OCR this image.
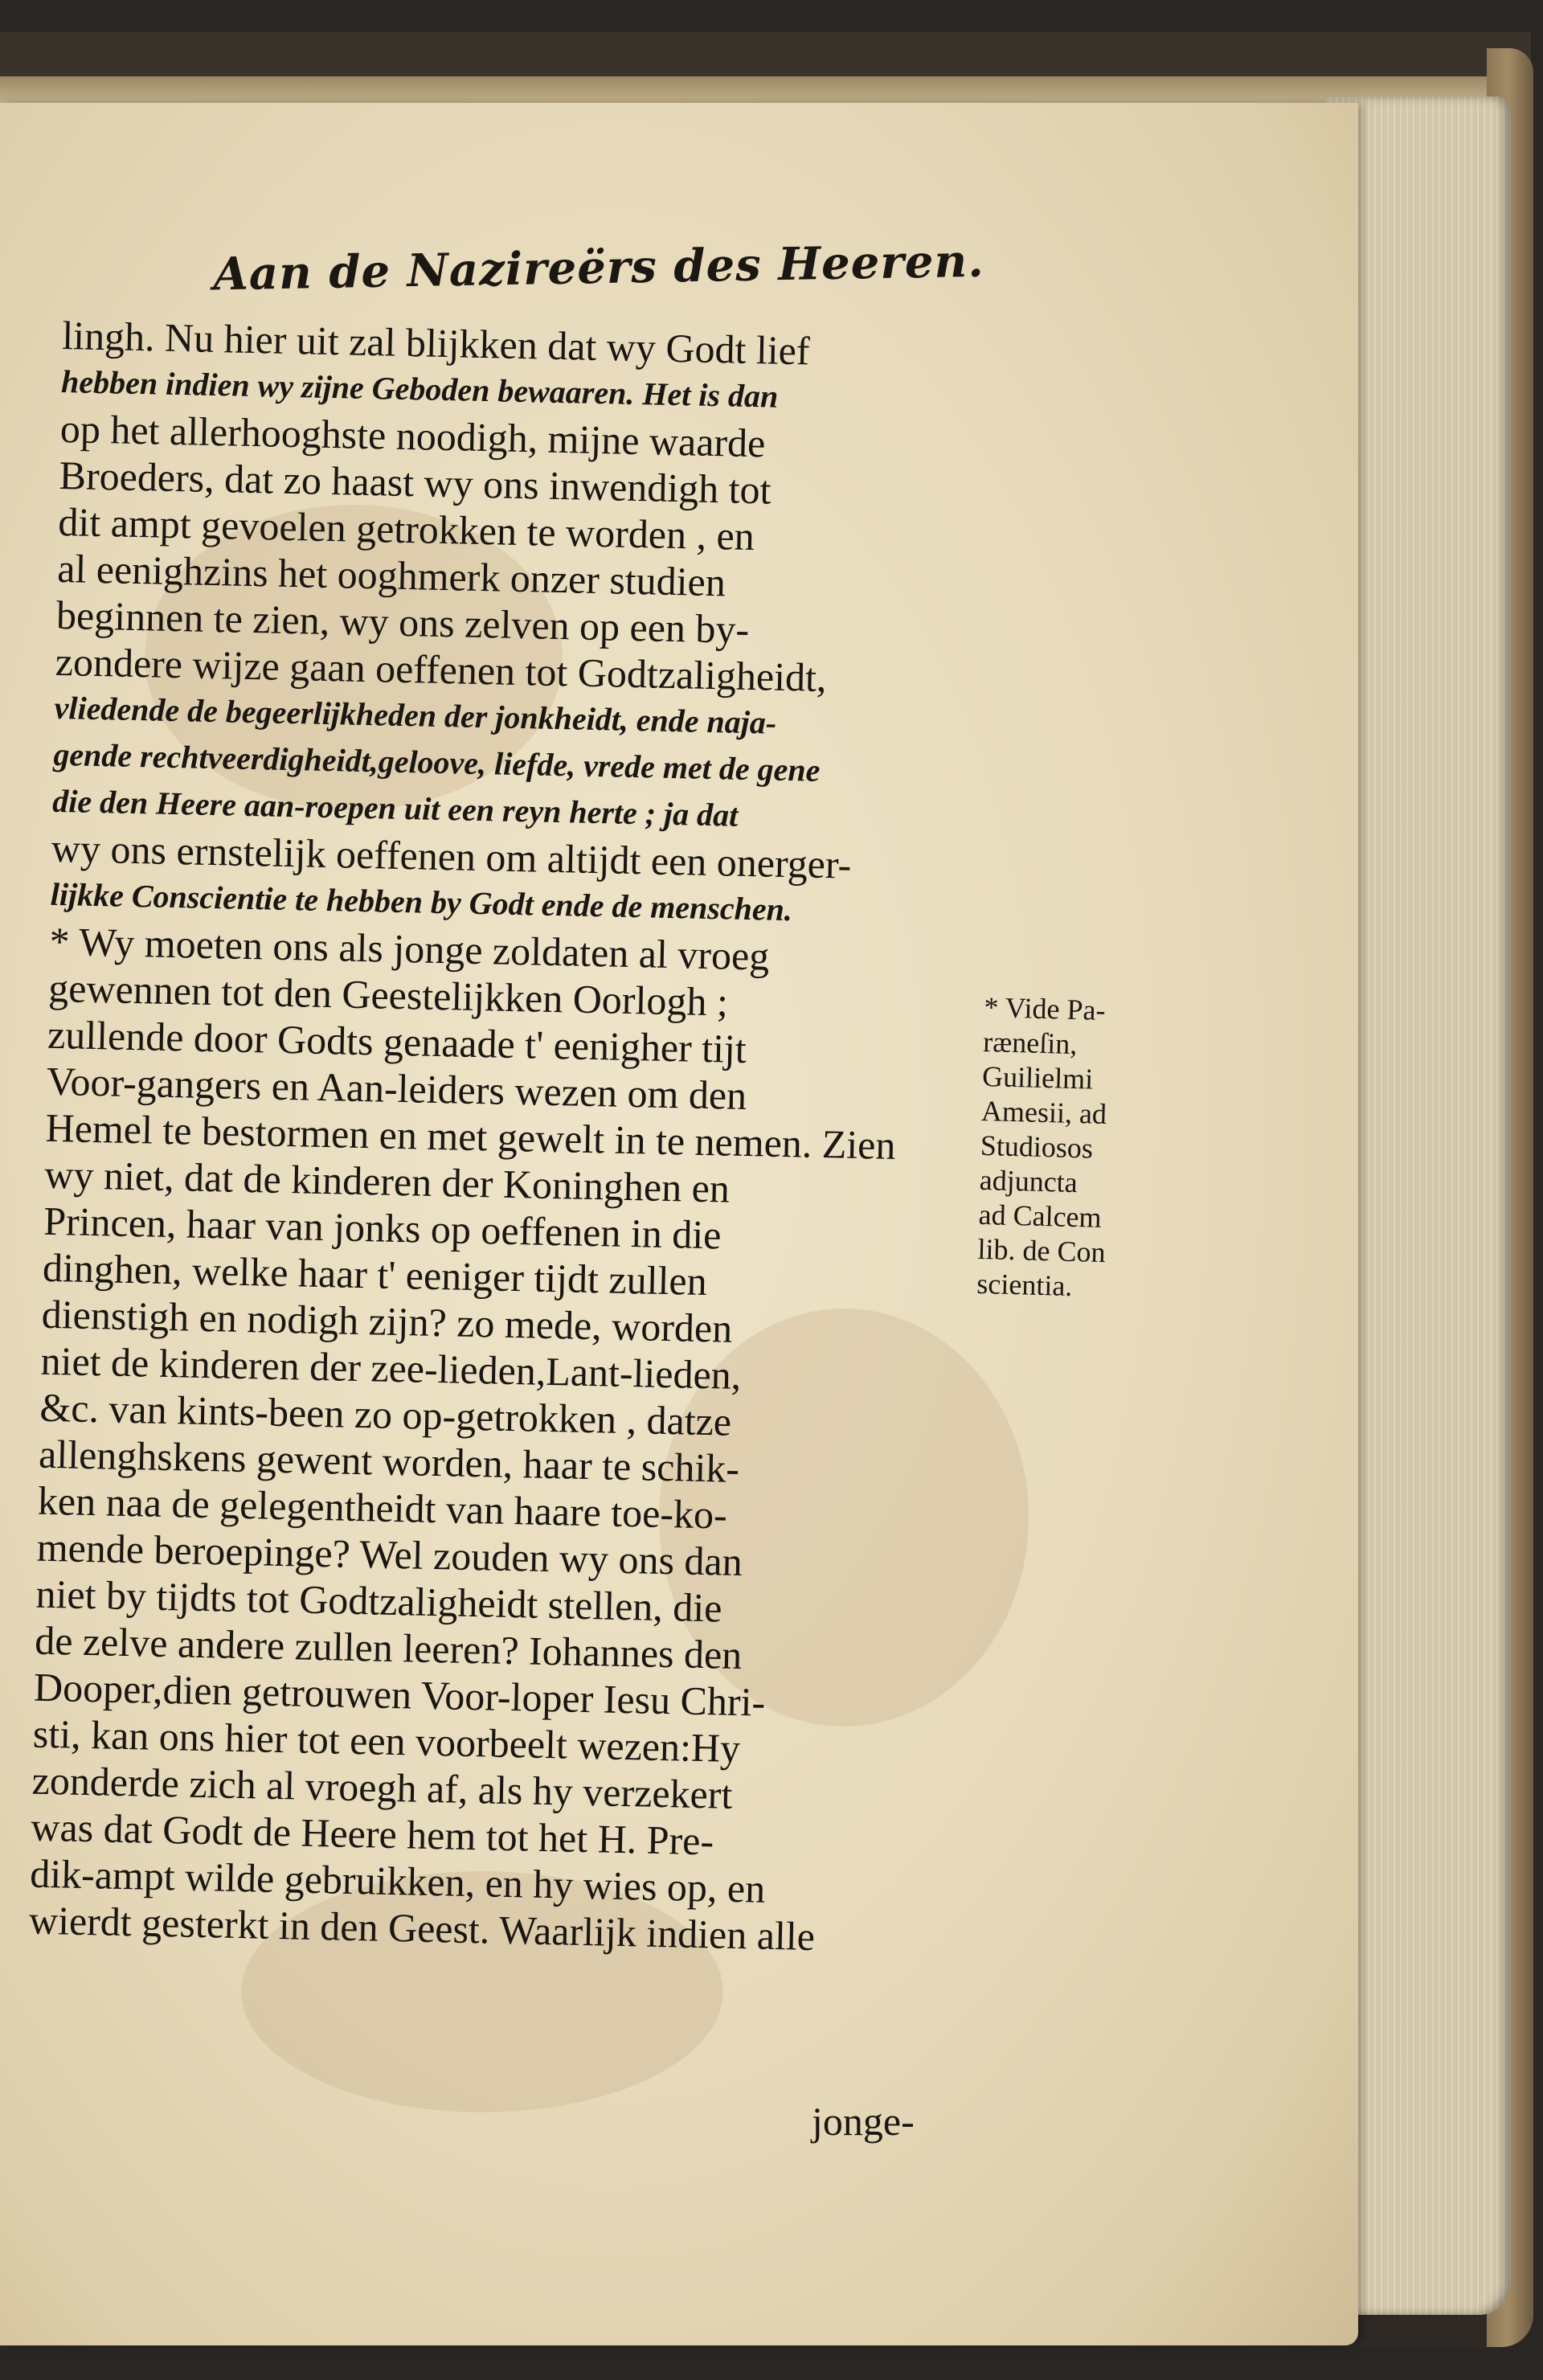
Aan de Nazireërs des Heeren.
lingh. Nu hier uit zal blijkken dat wy Godt lief
hebben indien wy zijne Geboden bewaaren. Het is dan
op het allerhooghste noodigh, mijne waarde
Broeders, dat zo haast wy ons inwendigh tot
dit ampt gevoelen getrokken te worden , en
al eenighzins het ooghmerk onzer studien
beginnen te zien, wy ons zelven op een by-
zondere wijze gaan oeffenen tot Godtzaligheidt,
vliedende de begeerlijkheden der jonkheidt, ende naja-
gende rechtveerdigheidt,geloove, liefde, vrede met de gene
die den Heere aan-roepen uit een reyn herte ; ja dat
wy ons ernstelijk oeffenen om altijdt een onerger-
lijkke Conscientie te hebben by Godt ende de menschen.
* Wy moeten ons als jonge zoldaten al vroeg
gewennen tot den Geestelijkken Oorlogh ;
zullende door Godts genaade t' eenigher tijt
Voor-gangers en Aan-leiders wezen om den
Hemel te bestormen en met gewelt in te nemen. Zien
wy niet, dat de kinderen der Koninghen en
Princen, haar van jonks op oeffenen in die
dinghen, welke haar t' eeniger tijdt zullen
dienstigh en nodigh zijn? zo mede, worden
niet de kinderen der zee-lieden,Lant-lieden,
&c. van kints-been zo op-getrokken , datze
allenghskens gewent worden, haar te schik-
ken naa de gelegentheidt van haare toe-ko-
mende beroepinge? Wel zouden wy ons dan
niet by tijdts tot Godtzaligheidt stellen, die
de zelve andere zullen leeren? Iohannes den
Dooper,dien getrouwen Voor-loper Iesu Chri-
sti, kan ons hier tot een voorbeelt wezen:Hy
zonderde zich al vroegh af, als hy verzekert
was dat Godt de Heere hem tot het H. Pre-
dik-ampt wilde gebruikken, en hy wies op, en
wierdt gesterkt in den Geest. Waarlijk indien alle
jonge-
* Vide Pa-
ræneſin,
Guilielmi
Amesii, ad
Studiosos
adjuncta
ad Calcem
lib. de Con
scientia.
